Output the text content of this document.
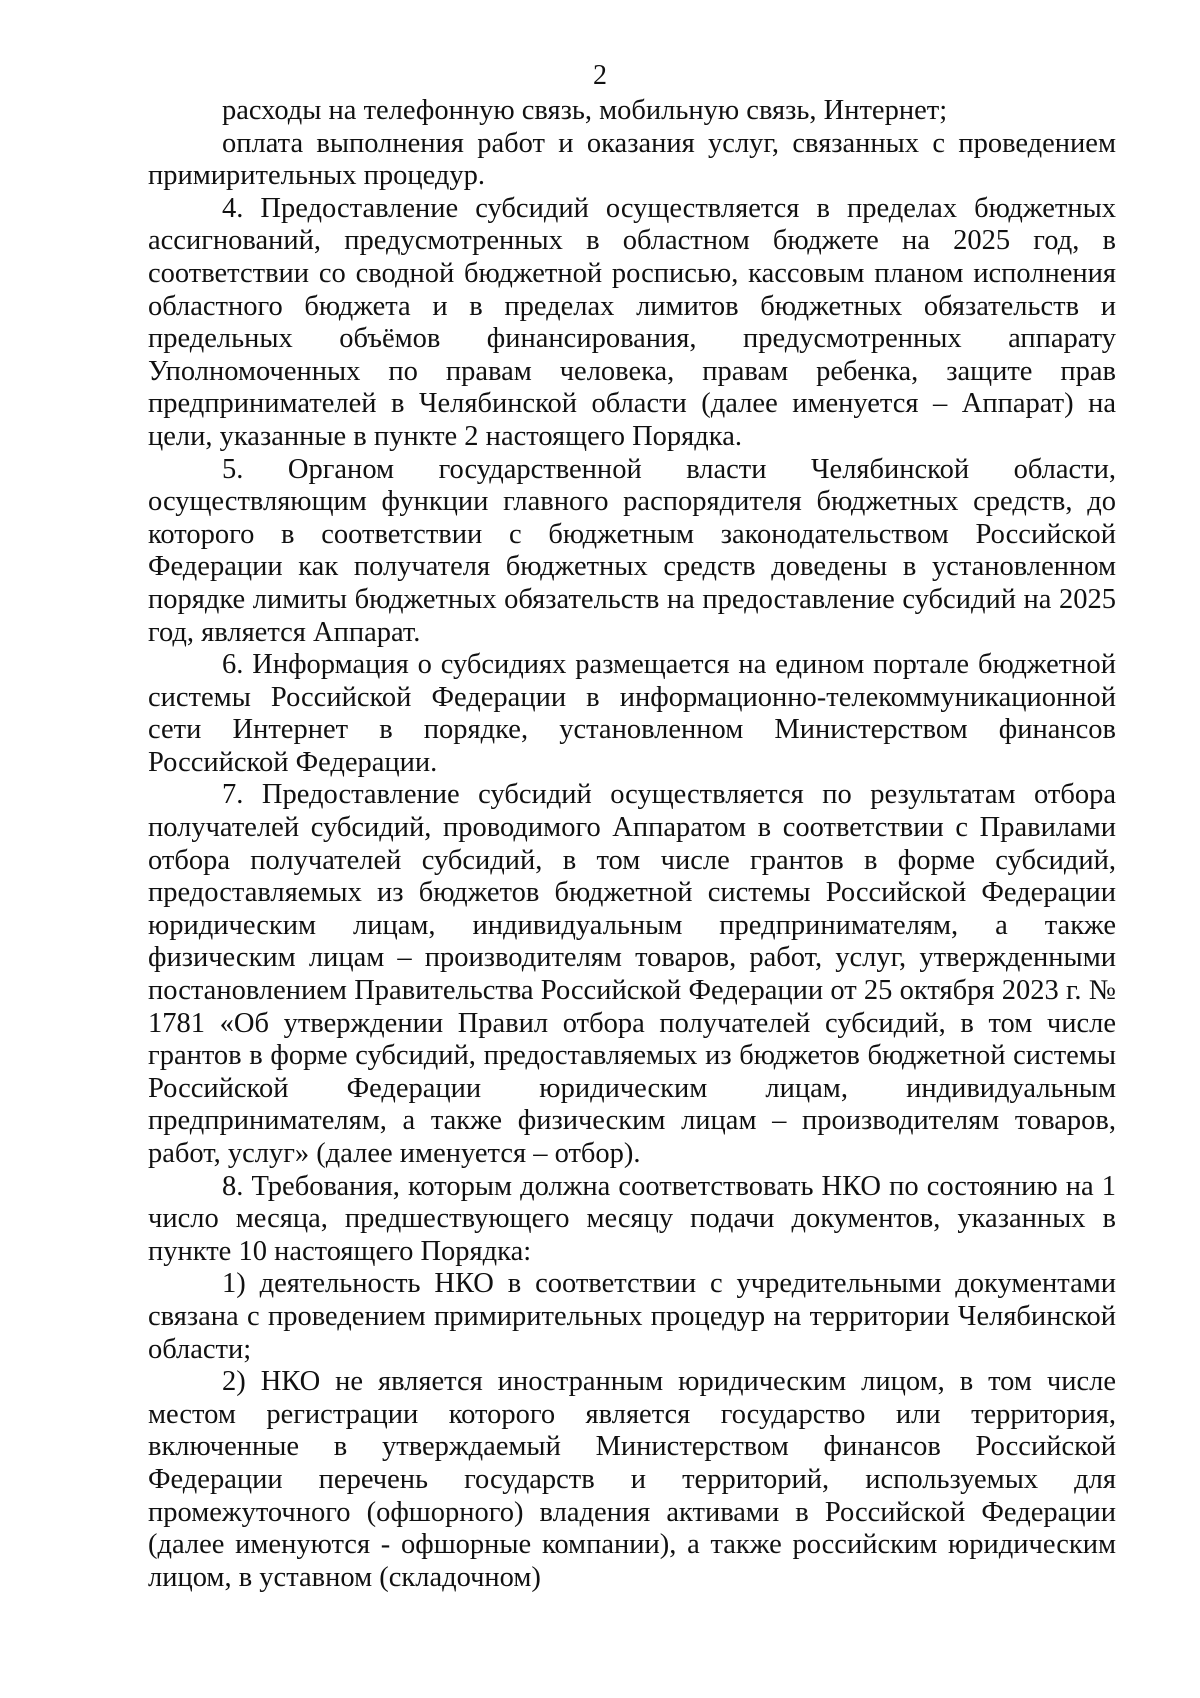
2

расходы на телефонную связь, мобильную связь, Интернет;

оплата выполнения работ и оказания услуг, связанных с проведением примирительных процедур.

4. Предоставление субсидий осуществляется в пределах бюджетных ассигнований, предусмотренных в областном бюджете на 2025 год, в соответствии со сводной бюджетной росписью, кассовым планом исполнения областного бюджета и в пределах лимитов бюджетных обязательств и предельных объёмов финансирования, предусмотренных аппарату Уполномоченных по правам человека, правам ребенка, защите прав предпринимателей в Челябинской области (далее именуется – Аппарат) на цели, указанные в пункте 2 настоящего Порядка.

5. Органом государственной власти Челябинской области, осуществляющим функции главного распорядителя бюджетных средств, до которого в соответствии с бюджетным законодательством Российской Федерации как получателя бюджетных средств доведены в установленном порядке лимиты бюджетных обязательств на предоставление субсидий на 2025 год, является Аппарат.

6. Информация о субсидиях размещается на едином портале бюджетной системы Российской Федерации в информационно-телекоммуникационной сети Интернет в порядке, установленном Министерством финансов Российской Федерации.

7. Предоставление субсидий осуществляется по результатам отбора получателей субсидий, проводимого Аппаратом в соответствии с Правилами отбора получателей субсидий, в том числе грантов в форме субсидий, предоставляемых из бюджетов бюджетной системы Российской Федерации юридическим лицам, индивидуальным предпринимателям, а также физическим лицам – производителям товаров, работ, услуг, утвержденными постановлением Правительства Российской Федерации от 25 октября 2023 г. № 1781 «Об утверждении Правил отбора получателей субсидий, в том числе грантов в форме субсидий, предоставляемых из бюджетов бюджетной системы Российской Федерации юридическим лицам, индивидуальным предпринимателям, а также физическим лицам – производителям товаров, работ, услуг» (далее именуется – отбор).

8. Требования, которым должна соответствовать НКО по состоянию на 1 число месяца, предшествующего месяцу подачи документов, указанных в пункте 10 настоящего Порядка:

1) деятельность НКО в соответствии с учредительными документами связана с проведением примирительных процедур на территории Челябинской области;

2) НКО не является иностранным юридическим лицом, в том числе местом регистрации которого является государство или территория, включенные в утверждаемый Министерством финансов Российской Федерации перечень государств и территорий, используемых для промежуточного (офшорного) владения активами в Российской Федерации (далее именуются - офшорные компании), а также российским юридическим лицом, в уставном (складочном)
